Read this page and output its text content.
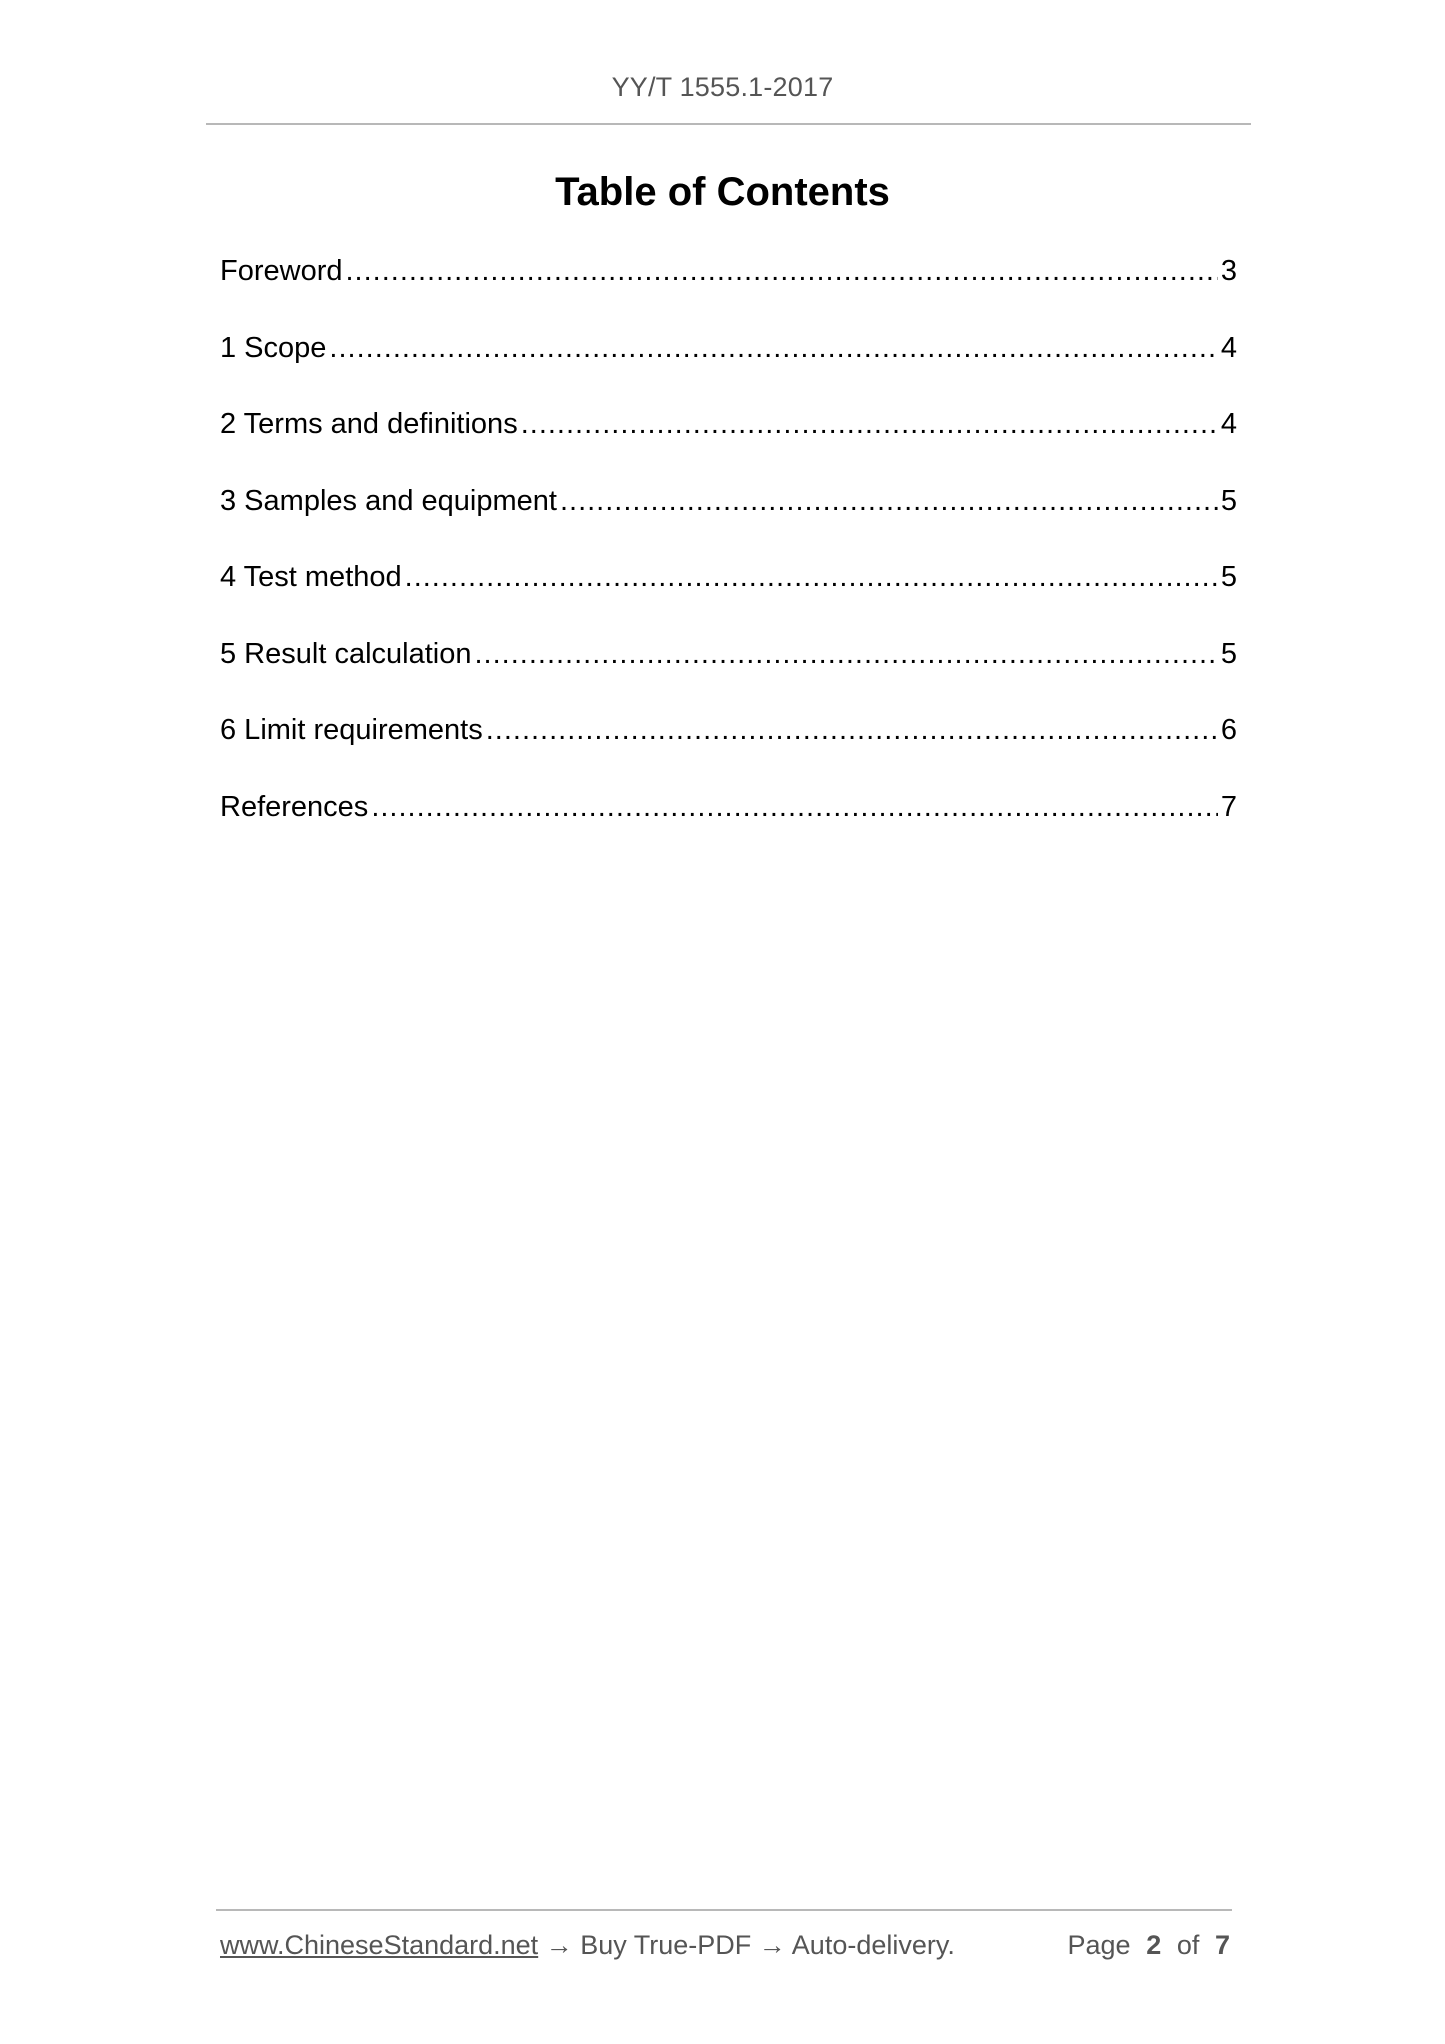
YY/T 1555.1-2017
Table of Contents
Foreword .....	3
1 Scope .....	4
2 Terms and definitions .....	4
3 Samples and equipment .....	5
4 Test method .....	5
5 Result calculation .....	5
6 Limit requirements .....	6
References .....	7
www.ChineseStandard.net → Buy True-PDF → Auto-delivery.	Page 2 of 7
